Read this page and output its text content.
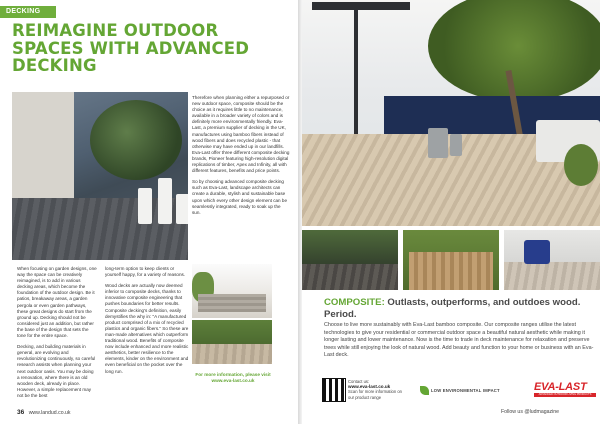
DECKING
REIMAGINE OUTDOOR SPACES WITH ADVANCED DECKING

When focusing on garden designs, one way the space can be creatively reimagined, is to add in various decking areas, which become the foundation of the outdoor design. Be it patios, breakaway areas, a garden pergola or even garden pathways, these great designs do start from the ground up. Decking should not be considered just an addition, but rather the base of the design that sets the tone for the entire space.

Decking, and building materials in general, are evolving and revolutionizing continuously, so careful research assists when planning your next outdoor oasis. You may be doing a renovation, where there is an old wooden deck, already in place. However, a simple replacement may not be the best

long-term option to keep clients or yourself happy, for a variety of reasons.

Wood decks are actually now deemed inferior to composite decks, thanks to innovative composite engineering that pushes boundaries for better results. Composite decking's definition, easily demystifies the why in: "A manufactured product comprised of a mix of recycled plastics and organic fibers." So these are man-made alternatives which outperform traditional wood. Benefits of composite now include enhanced and more realistic aesthetics, better resilience to the elements, kinder on the environment and even beneficial on the pocket over the long run.

Therefore when planning either a repurposed or new outdoor space, composite should be the choice as it requires little to no maintenance, available in a broader variety of colors and is definitely more environmentally friendly. Eva-Last, a premium supplier of decking in the UK, manufactures using bamboo fibers instead of wood fibers and does recycled plastic - that otherwise may have ended up in our landfills. Eva-Last offer three different composite decking brands, Pioneer featuring high-resolution digital replications of timber, Apex and Infinity, all with different features, benefits and price points.

So by choosing advanced composite decking such as Eva-Last, landscape architects can create a durable, stylish and sustainable base upon which every other design element can be seamlessly integrated, ready to soak up the sun.

For more information, please visit www.eva-last.co.uk
36 www.landud.co.uk
COMPOSITE: Outlasts, outperforms, and outdoes wood. Period.

Choose to live more sustainably with Eva-Last bamboo composite. Our composite ranges utilise the latest technologies to give your residential or commercial outdoor space a beautiful natural aesthetic while making it longer lasting and lower maintenance. Now is the time to trade in deck maintenance for relaxation and preserve trees while still enjoying the look of natural wood. Add beauty and function to your home or business with an Eva-Last deck.

Contact us:
www.eva-last.co.uk
Scan for more information on our product range
LOW ENVIRONMENTAL IMPACT	EVA-LAST
ADVANCED OUTDOOR LIVING PRODUCTS
Follow us @ludmagazine
